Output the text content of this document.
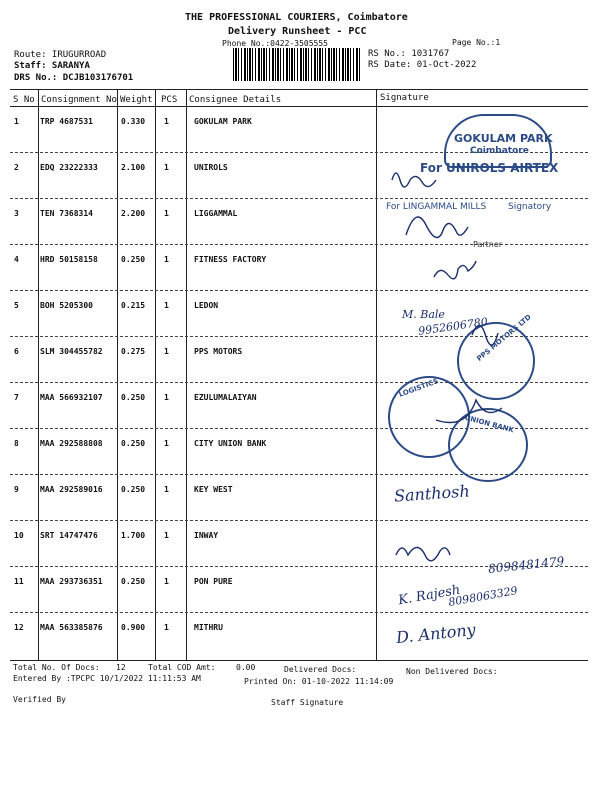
THE PROFESSIONAL COURIERS, Coimbatore
Delivery Runsheet - PCC
Phone No.:0422-3505555	Page No.:1
Route: IRUGURROAD
Staff: SARANYA
DRS No.: DCJB103176701
RS No.: 1031767
RS Date: 01-Oct-2022
S No Consignment No Weight PCS Consignee Details	Signature
1	TRP 4687531	0.330 1	GOKULAM PARK
2	EDQ 23222333	2.100 1	UNIROLS
3	TEN 7368314	2.200 1	LIGGAMMAL
4	HRD 50158158	0.250 1	FITNESS FACTORY
5	BOH 5205300	0.215 1	LEDON
6	SLM 304455782 0.275 1	PPS MOTORS
7	MAA 566932107 0.250 1	EZULUMALAIYAN
8	MAA 292588808 0.250 1	CITY UNION BANK
9	MAA 292589016 0.250 1	KEY WEST
10 SRT 14747476	1.700 1	INWAY
11 MAA 293736351 0.250 1	PON PURE
12 MAA 563385876 0.900 1	MITHRU
Total No. Of Docs: 12	Total COD Amt:	0.00	Delivered Docs:	Non Delivered Docs:
Entered By :TPCPC 10/1/2022 11:11:53 AM	Printed On: 01-10-2022 11:14:09
Verified By	Staff Signature
GOKULAM PARK
Coimbatore
For UNIROLS AIRTEX
For LINGAMMAL MILLS Signatory
Partner
PPS MOTORS LTD
LOGISTICS
UNION BANK
M. Bale
9952606780
Santhosh
8098481479
K. Rajesh
8098063329
D. Antony
